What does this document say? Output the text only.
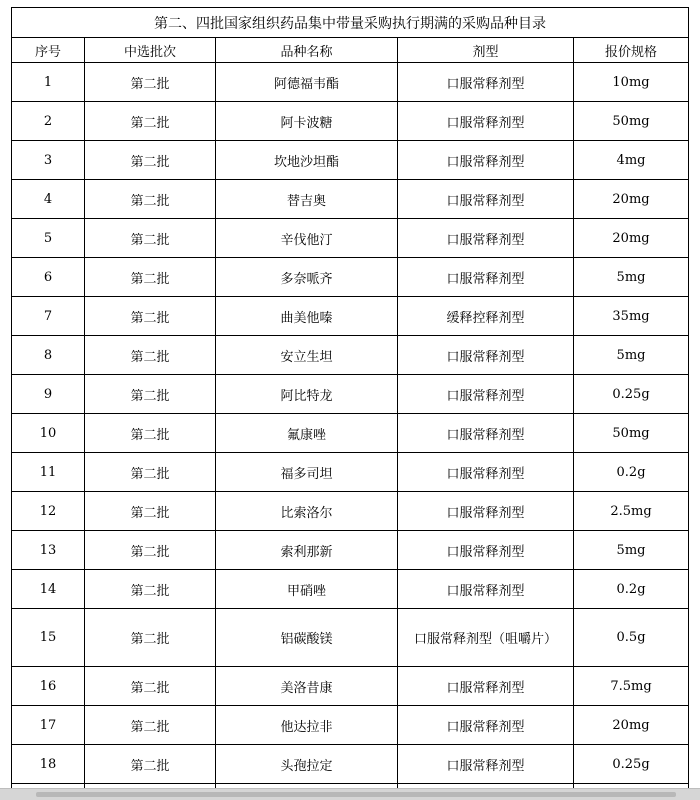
第二、四批国家组织药品集中带量采购执行期满的采购品种目录				
序号	中选批次	品种名称	剂型	报价规格
1	第二批	阿德福韦酯	口服常释剂型	10mg
2	第二批	阿卡波糖	口服常释剂型	50mg
3	第二批	坎地沙坦酯	口服常释剂型	4mg
4	第二批	替吉奥	口服常释剂型	20mg
5	第二批	辛伐他汀	口服常释剂型	20mg
6	第二批	多奈哌齐	口服常释剂型	5mg
7	第二批	曲美他嗪	缓释控释剂型	35mg
8	第二批	安立生坦	口服常释剂型	5mg
9	第二批	阿比特龙	口服常释剂型	0.25g
10	第二批	氟康唑	口服常释剂型	50mg
11	第二批	福多司坦	口服常释剂型	0.2g
12	第二批	比索洛尔	口服常释剂型	2.5mg
13	第二批	索利那新	口服常释剂型	5mg
14	第二批	甲硝唑	口服常释剂型	0.2g
15	第二批	铝碳酸镁	口服常释剂型（咀嚼片）	0.5g
16	第二批	美洛昔康	口服常释剂型	7.5mg
17	第二批	他达拉非	口服常释剂型	20mg
18	第二批	头孢拉定	口服常释剂型	0.25g
